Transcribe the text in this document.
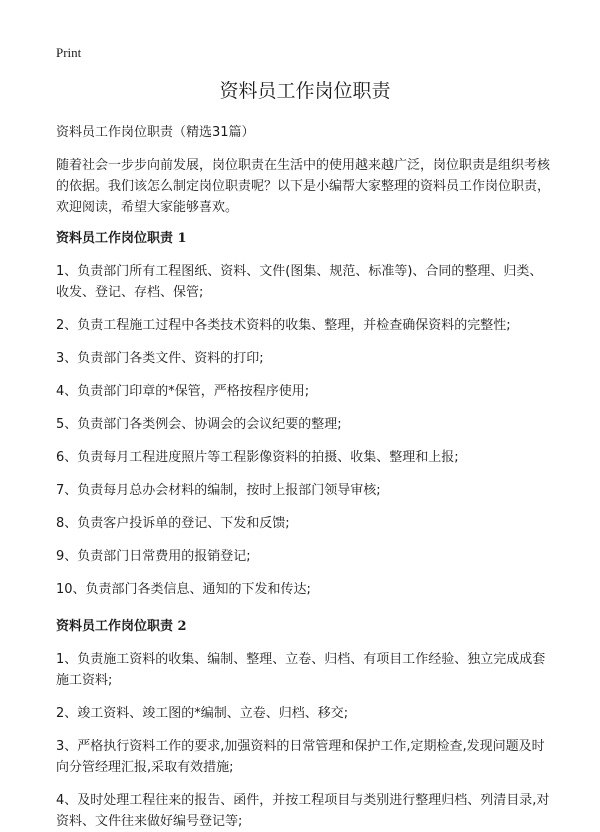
Print
资料员工作岗位职责

资料员工作岗位职责（精选31篇）

随着社会一步步向前发展，岗位职责在生活中的使用越来越广泛，岗位职责是组织考核的依据。我们该怎么制定岗位职责呢？以下是小编帮大家整理的资料员工作岗位职责，欢迎阅读，希望大家能够喜欢。

资料员工作岗位职责 1

1、负责部门所有工程图纸、资料、文件(图集、规范、标准等)、合同的整理、归类、收发、登记、存档、保管;

2、负责工程施工过程中各类技术资料的收集、整理，并检查确保资料的完整性;

3、负责部门各类文件、资料的打印;

4、负责部门印章的*保管，严格按程序使用;

5、负责部门各类例会、协调会的会议纪要的整理;

6、负责每月工程进度照片等工程影像资料的拍摄、收集、整理和上报;

7、负责每月总办会材料的编制，按时上报部门领导审核;

8、负责客户投诉单的登记、下发和反馈;

9、负责部门日常费用的报销登记;

10、负责部门各类信息、通知的下发和传达;

资料员工作岗位职责 2

1、负责施工资料的收集、编制、整理、立卷、归档、有项目工作经验、独立完成成套施工资料;

2、竣工资料、竣工图的*编制、立卷、归档、移交;

3、严格执行资料工作的要求,加强资料的日常管理和保护工作,定期检查,发现问题及时向分管经理汇报,采取有效措施;

4、及时处理工程往来的报告、函件，并按工程项目与类别进行整理归档、列清目录,对资料、文件往来做好编号登记等;
